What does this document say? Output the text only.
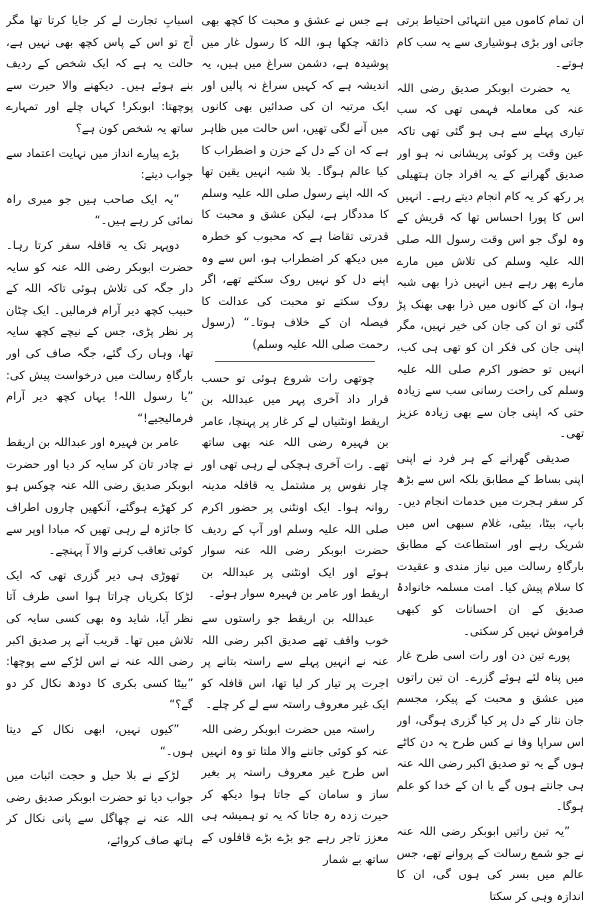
ان تمام کاموں میں انتہائی احتیاط برتی جاتی اور بڑی ہوشیاری سے یہ سب کام ہوتے۔

یہ حضرت ابوبکر صدیق رضی اللہ عنہ کی معاملہ فہمی تھی کہ سب تیاری پہلے سے ہی ہو گئی تھی تاکہ عین وقت پر کوئی پریشانی نہ ہو اور صدیق گھرانے کے یہ افراد جان ہتھیلی پر رکھ کر یہ کام انجام دیتے رہے۔ انہیں اس کا پورا احساس تھا کہ قریش کے وہ لوگ جو اس وقت رسول اللہ صلی اللہ علیہ وسلم کی تلاش میں مارے مارے پھر رہے ہیں انہیں ذرا بھی شبہ ہوا، ان کے کانوں میں ذرا بھی بھنک پڑ گئی تو ان کی جان کی خیر نہیں، مگر اپنی جان کی فکر ان کو تھی ہی کب، انہیں تو حضور اکرم صلی اللہ علیہ وسلم کی راحت رسانی سب سے زیادہ حتی کہ اپنی جان سے بھی زیادہ عزیز تھی۔

صدیقی گھرانے کے ہر فرد نے اپنی اپنی بساط کے مطابق بلکہ اس سے بڑھ کر سفر ہجرت میں خدمات انجام دیں۔ باپ، بیٹا، بیٹی، غلام سبھی اس میں شریک رہے اور استطاعت کے مطابق بارگاہِ رسالت میں نیاز مندی و عقیدت کا سلام پیش کیا۔ امت مسلمہ خانوادۂ صدیق کے ان احسانات کو کبھی فراموش نہیں کر سکتی۔

پورے تین دن اور رات اسی طرح غار میں پناہ لئے ہوئے گزرے۔ ان تین راتوں میں عشق و محبت کے پیکر، مجسم جان نثار کے دل پر کیا گزری ہوگی، اور اس سراپا وفا نے کس طرح یہ دن کاٹے ہوں گے یہ تو صدیق اکبر رضی اللہ عنہ ہی جانتے ہوں گے یا ان کے خدا کو علم ہوگا۔

”یہ تین راتیں ابوبکر رضی اللہ عنہ نے جو شمع رسالت کے پروانے تھے، جس عالم میں بسر کی ہوں گی، ان کا اندازہ وہی کر سکتا

ہے جس نے عشق و محبت کا کچھ بھی ذائقہ چکھا ہو، اللہ کا رسول غار میں پوشیدہ ہے، دشمن سراغ میں ہیں، یہ اندیشہ ہے کہ کہیں سراغ نہ پالیں اور ایک مرتبہ ان کی صدائیں بھی کانوں میں آنے لگی تھیں، اس حالت میں ظاہر ہے کہ ان کے دل کے حزن و اضطراب کا کیا عالم ہوگا۔ بلا شبہ انہیں یقین تھا کہ اللہ اپنے رسول صلی اللہ علیہ وسلم کا مددگار ہے، لیکن عشق و محبت کا قدرتی تقاضا ہے کہ محبوب کو خطرہ میں دیکھ کر اضطراب ہو، اس سے وہ اپنے دل کو نہیں روک سکتے تھے، اگر روک سکتے تو محبت کی عدالت کا فیصلہ ان کے خلاف ہوتا۔“ (رسول رحمت صلی اللہ علیہ وسلم)

چوتھی رات شروع ہوئی تو حسب قرار داد آخری پہر میں عبداللہ بن اریقط اونٹنیاں لے کر غار پر پہنچا، عامر بن فہیرہ رضی اللہ عنہ بھی ساتھ تھے۔ رات آخری ہچکی لے رہی تھی اور چار نفوس پر مشتمل یہ قافلہ مدینہ روانہ ہوا۔ ایک اونٹنی پر حضور اکرم صلی اللہ علیہ وسلم اور آپ کے ردیف حضرت ابوبکر رضی اللہ عنہ سوار ہوئے اور ایک اونٹنی پر عبداللہ بن اریقط اور عامر بن فہیرہ سوار ہوئے۔

عبداللہ بن اریقط جو راستوں سے خوب واقف تھے صدیق اکبر رضی اللہ عنہ نے انہیں پہلے سے راستہ بتانے پر اجرت پر تیار کر لیا تھا، اس قافلہ کو ایک غیر معروف راستہ سے لے کر چلے۔

راستہ میں حضرت ابوبکر رضی اللہ عنہ کو کوئی جاننے والا ملتا تو وہ انہیں اس طرح غیر معروف راستہ پر بغیر ساز و سامان کے جاتا ہوا دیکھ کر حیرت زدہ رہ جاتا کہ یہ تو ہمیشہ ہی معزز تاجر رہے جو بڑے بڑے قافلوں کے ساتھ بے شمار

اسبابِ تجارت لے کر جایا کرتا تھا مگر آج تو اس کے پاس کچھ بھی نہیں ہے، حالت یہ ہے کہ ایک شخص کے ردیف بنے ہوئے ہیں۔ دیکھنے والا حیرت سے پوچھتا: ابوبکر! کہاں چلے اور تمہارے ساتھ یہ شخص کون ہے؟

بڑے پیارے انداز میں نہایت اعتماد سے جواب دیتے:

”یہ ایک صاحب ہیں جو میری راہ نمائی کر رہے ہیں۔“

دوپہر تک یہ قافلہ سفر کرتا رہا۔ حضرت ابوبکر رضی اللہ عنہ کو سایہ دار جگہ کی تلاش ہوئی تاکہ اللہ کے حبیب کچھ دیر آرام فرمالیں۔ ایک چٹان پر نظر پڑی، جس کے نیچے کچھ سایہ تھا، وہاں رک گئے، جگہ صاف کی اور بارگاہِ رسالت میں درخواست پیش کی: ”یا رسول اللہ! یہاں کچھ دیر آرام فرمالیجیے!“

عامر بن فہیرہ اور عبداللہ بن اریقط نے چادر تان کر سایہ کر دیا اور حضرت ابوبکر صدیق رضی اللہ عنہ چوکس ہو کر کھڑے ہوگئے، آنکھیں چاروں اطراف کا جائزہ لے رہی تھیں کہ مبادا اوپر سے کوئی تعاقب کرنے والا آ پہنچے۔

تھوڑی ہی دیر گزری تھی کہ ایک لڑکا بکریاں چراتا ہوا اسی طرف آتا نظر آیا، شاید وہ بھی کسی سایہ کی تلاش میں تھا۔ قریب آنے پر صدیق اکبر رضی اللہ عنہ نے اس لڑکے سے پوچھا: ”بیٹا کسی بکری کا دودھ نکال کر دو گے؟“

”کیوں نہیں، ابھی نکال کے دیتا ہوں۔“

لڑکے نے بلا حیل و حجت اثبات میں جواب دیا تو حضرت ابوبکر صدیق رضی اللہ عنہ نے چھاگل سے پانی نکال کر ہاتھ صاف کروائے،
